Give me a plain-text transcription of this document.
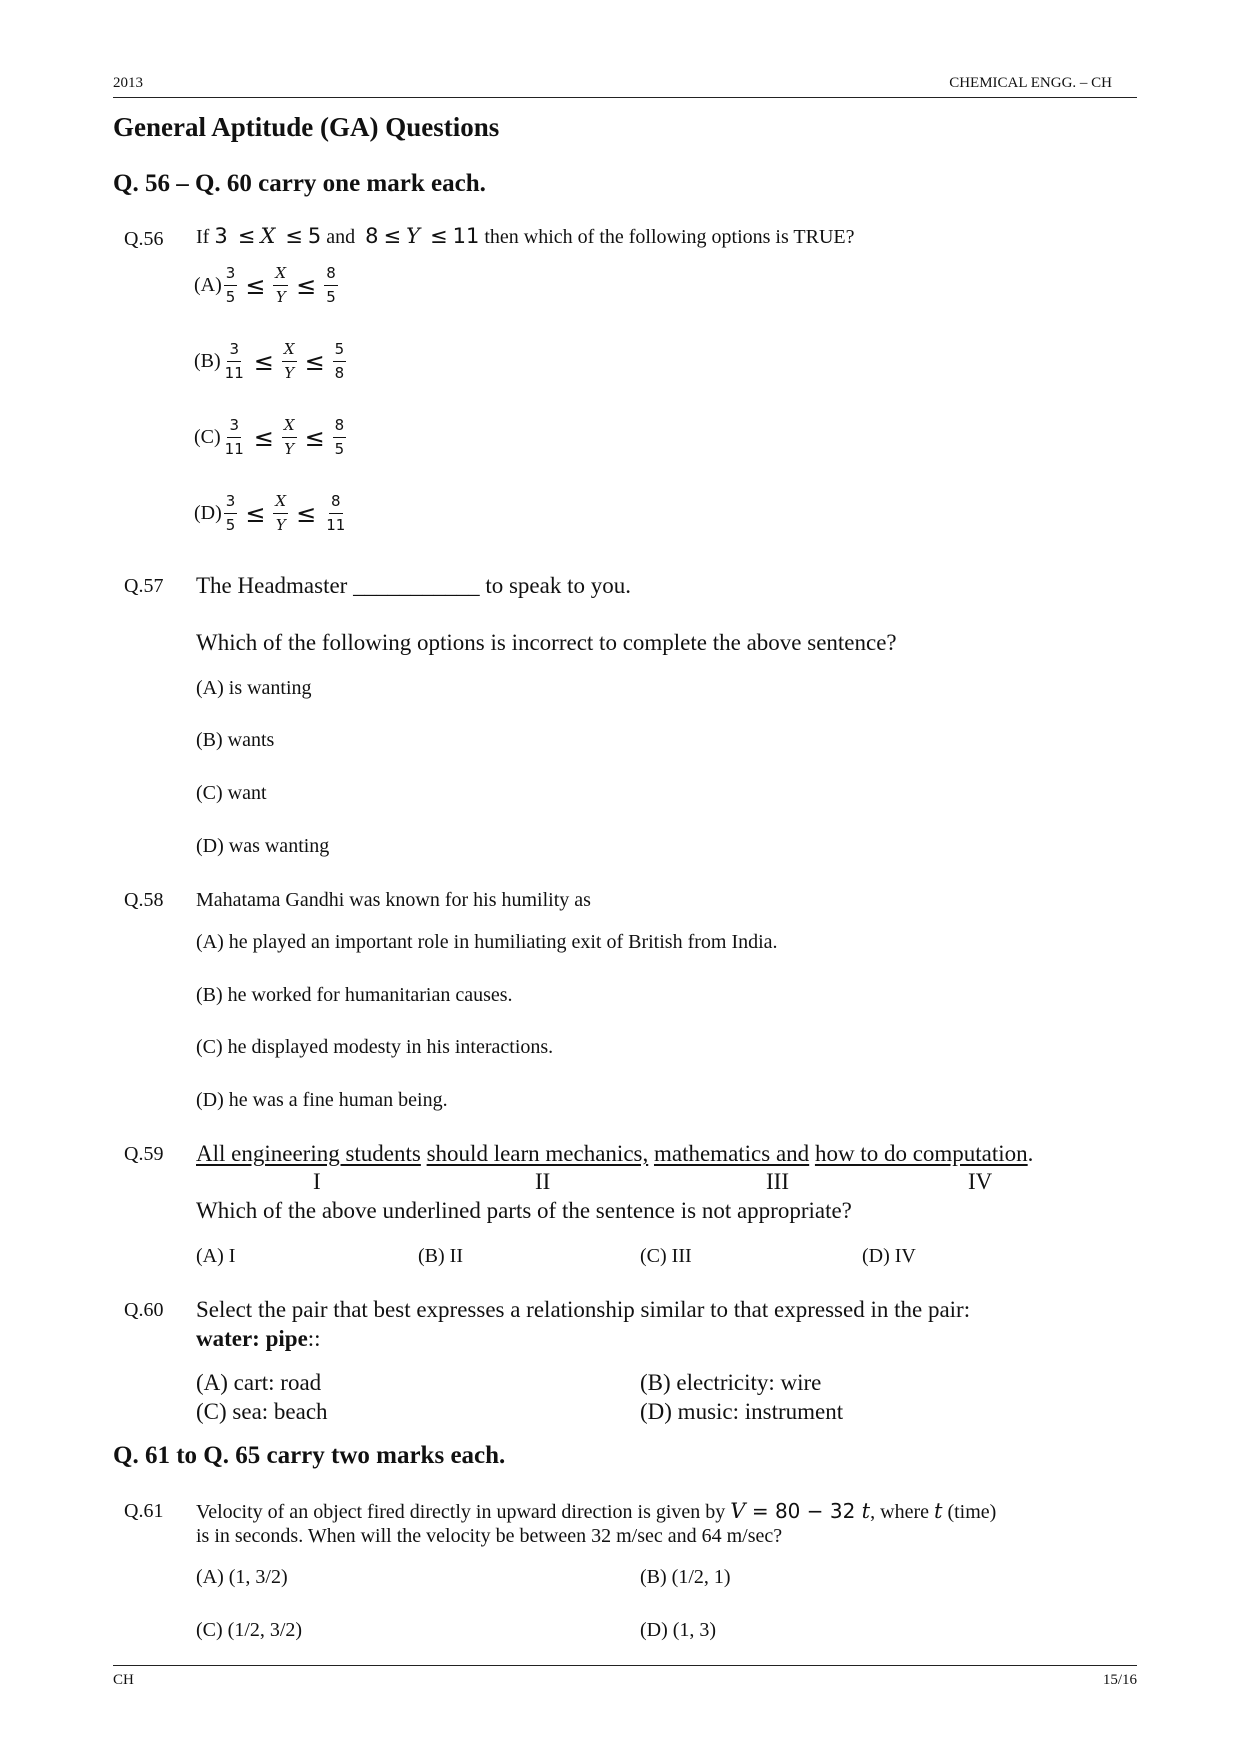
2013	CHEMICAL ENGG. – CH
General Aptitude (GA) Questions
Q. 56 – Q. 60 carry one mark each.
Q.56 If
3
≤
X
≤
5
and
8
≤
Y
≤
11
then which of the following options is TRUE?
$(A) \frac{3}{5} \le \frac{X}{Y} \le \frac{8}{5}$
$(B) \frac{3}{11} \le \frac{X}{Y} \le \frac{5}{8}$
$(C) \frac{3}{11} \le \frac{X}{Y} \le \frac{8}{5}$
$(D) \frac{3}{5} \le \frac{X}{Y} \le \frac{8}{11}$
Q.57 The Headmaster ___________ to speak to you.
Which of the following options is incorrect to complete the above sentence?
(A) is wanting
(B) wants
(C) want
(D) was wanting
Q.58 Mahatama Gandhi was known for his humility as
(A) he played an important role in humiliating exit of British from India.
(B) he worked for humanitarian causes.
(C) he displayed modesty in his interactions.
(D) he was a fine human being.
Q.59 All engineering students should learn mechanics, mathematics and how to do computation.
I	II	III	IV
Which of the above underlined parts of the sentence is not appropriate?
(A) I	(B) II	(C) III	(D) IV
Q.60 Select the pair that best expresses a relationship similar to that expressed in the pair:
water: pipe::
(A) cart: road	(B) electricity: wire
(C) sea: beach	(D) music: instrument
Q. 61 to Q. 65 carry two marks each.
Q.61 Velocity of an object fired directly in upward direction is given by V = 80 − 32 t, where t (time)
is in seconds. When will the velocity be between 32 m/sec and 64 m/sec?
(A) (1, 3/2)	(B) (1/2, 1)
(C) (1/2, 3/2)	(D) (1, 3)
CH	15/16
